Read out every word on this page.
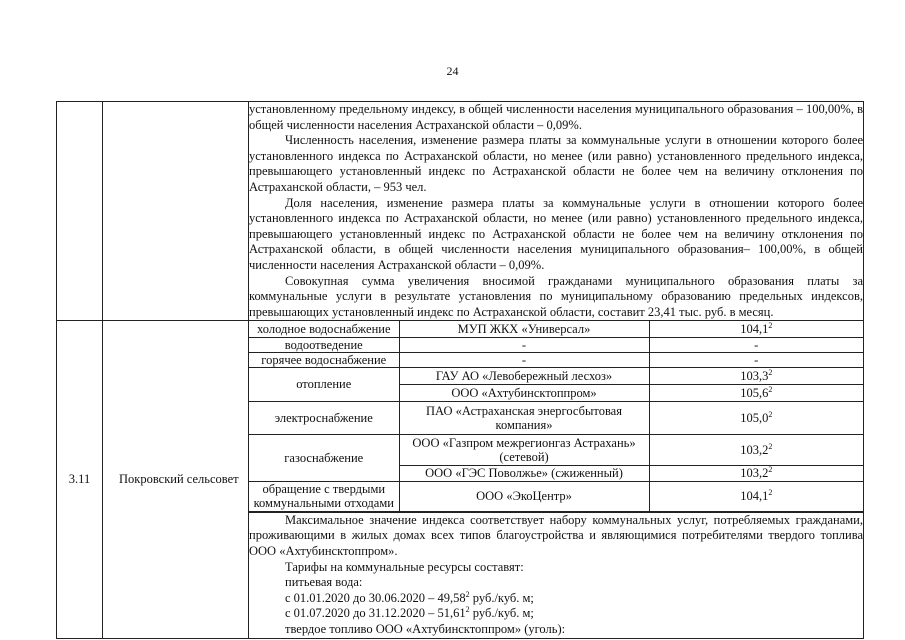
24

установленному предельному индексу, в общей численности населения муниципального образования – 100,00%, в общей численности населения Астраханской области – 0,09%.

Численность населения, изменение размера платы за коммунальные услуги в отношении которого более установленного индекса по Астраханской области, но менее (или равно) установленного предельного индекса, превышающего установленный индекс по Астраханской области не более чем на величину отклонения по Астраханской области, – 953 чел.

Доля населения, изменение размера платы за коммунальные услуги в отношении которого более установленного индекса по Астраханской области, но менее (или равно) установленного предельного индекса, превышающего установленный индекс по Астраханской области не более чем на величину отклонения по Астраханской области, в общей численности населения муниципального образования– 100,00%, в общей численности населения Астраханской области – 0,09%.

Совокупная сумма увеличения вносимой гражданами муниципального образования платы за коммунальные услуги в результате установления по муниципальному образованию предельных индексов, превышающих установленный индекс по Астраханской области, составит 23,41 тыс. руб. в месяц.

3.11	Покровский сельсовет	
холодное водоснабжение	МУП ЖКХ «Универсал»	104,1$^2$
водоотведение	-	-
горячее водоснабжение	-	-
отопление	ГАУ АО «Левобережный лесхоз»	103,3$^2$
ООО «Ахтубинсктоппром»	105,6$^2$
электроснабжение	ПАО «Астраханская энергосбытовая компания»	105,0$^2$
газоснабжение	ООО «Газпром межрегионгаз Астрахань» (сетевой)	103,2$^2$
ООО «ГЭС Поволжье» (сжиженный)	103,2$^2$
обращение с твердыми коммунальными отходами	ООО «ЭкоЦентр»	104,1$^2$

Максимальное значение индекса соответствует набору коммунальных услуг, потребляемых гражданами, проживающими в жилых домах всех типов благоустройства и являющимися потребителями твердого топлива ООО «Ахтубинсктоппром».

Тарифы на коммунальные ресурсы составят:

питьевая вода:

с 01.01.2020 до 30.06.2020 – 49,58$^2$ руб./куб. м;

с 01.07.2020 до 31.12.2020 – 51,61$^2$ руб./куб. м;

твердое топливо ООО «Ахтубинсктоппром» (уголь):
